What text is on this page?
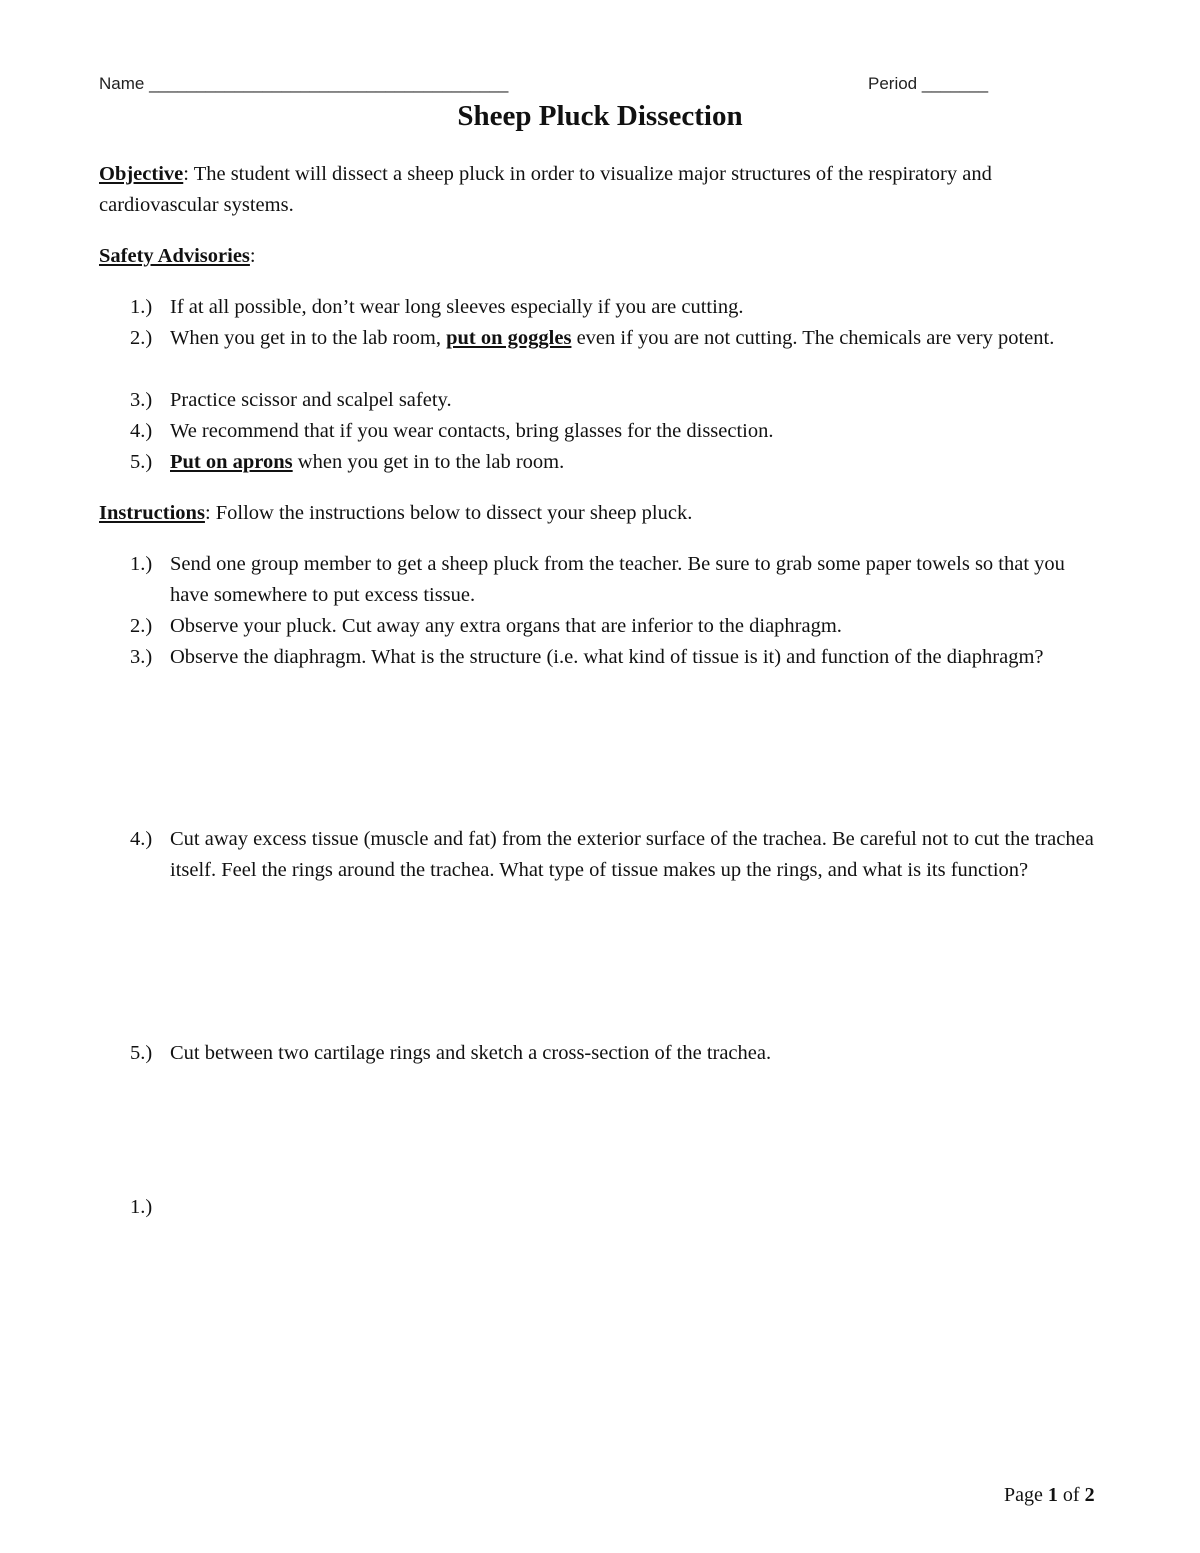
Name ______________________________________	Period _______
Sheep Pluck Dissection
Objective: The student will dissect a sheep pluck in order to visualize major structures of the respiratory and cardiovascular systems.
Safety Advisories:
1.) If at all possible, don’t wear long sleeves especially if you are cutting.
2.) When you get in to the lab room, put on goggles even if you are not cutting. The chemicals are very potent.
3.) Practice scissor and scalpel safety.
4.) We recommend that if you wear contacts, bring glasses for the dissection.
5.) Put on aprons when you get in to the lab room.
Instructions: Follow the instructions below to dissect your sheep pluck.
1.) Send one group member to get a sheep pluck from the teacher. Be sure to grab some paper towels so that you have somewhere to put excess tissue.
2.) Observe your pluck. Cut away any extra organs that are inferior to the diaphragm.
3.) Observe the diaphragm. What is the structure (i.e. what kind of tissue is it) and function of the diaphragm?
4.) Cut away excess tissue (muscle and fat) from the exterior surface of the trachea. Be careful not to cut the trachea itself. Feel the rings around the trachea. What type of tissue makes up the rings, and what is its function?
5.) Cut between two cartilage rings and sketch a cross-section of the trachea.
1.)
Page 1 of 2
